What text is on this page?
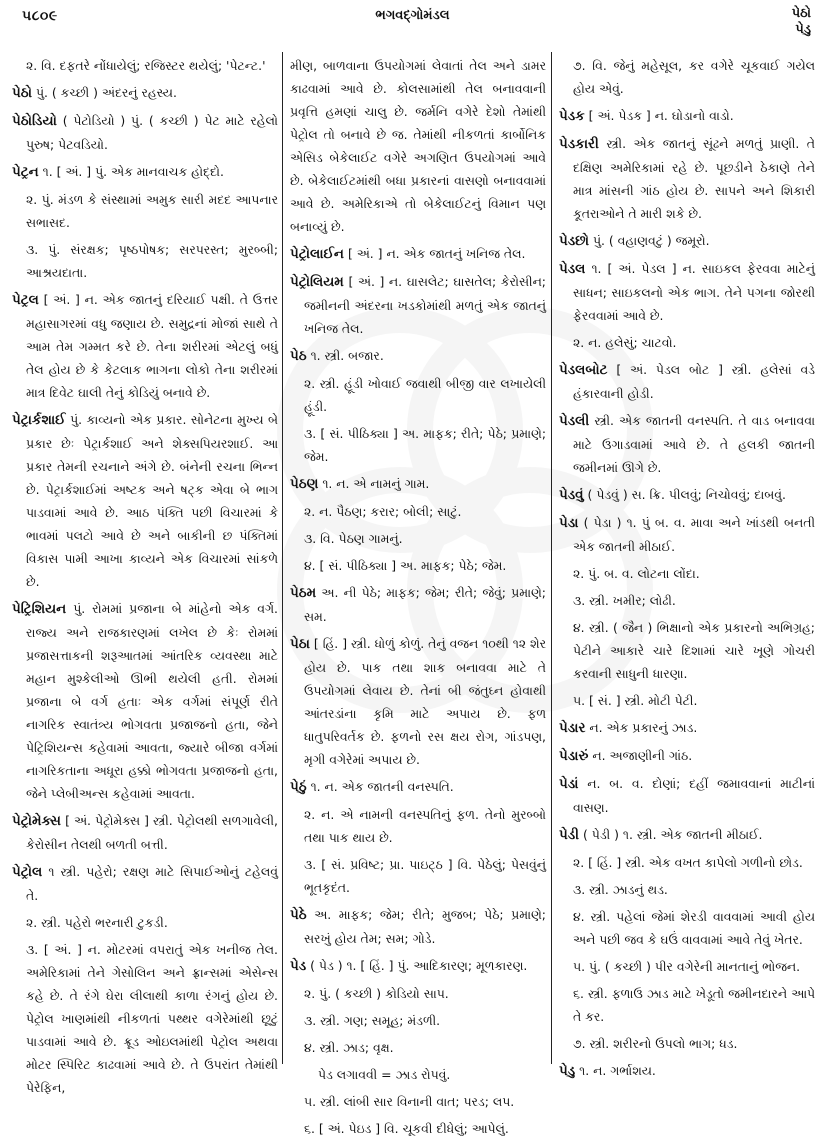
૫૮૦૯	ભગવદ્ગોમંડલ	પેઠો
પેડુ

૨. વિ. દફતરે નોંધાયેલું; રજિસ્ટર થયેલું; 'પેટન્ટ.'

પેઠો પું. ( કચ્છી ) અંદરનું રહસ્ય.

પેઠોડિયો ( પેટોડિયો ) પું. ( કચ્છી ) પેટ માટે રહેલો પુરુષ; પેટવડિયો.

પેટ્રન ૧. [ અં. ] પું. એક માનવાચક હોદ્દો.

૨. પું. મંડળ કે સંસ્થામાં અમુક સારી મદદ આપનાર સભાસદ.

૩. પું. સંરક્ષક; પૃષ્ઠપોષક; સરપરસ્ત; મુરબ્બી; આશ્રયદાતા.

પેટ્રલ [ અં. ] ન. એક જાતનું દરિયાઈ પક્ષી. તે ઉત્તર મહાસાગરમાં વધુ જણાય છે. સમુદ્રનાં મોજાં સાથે તે આમ તેમ ગમ્મત કરે છે. તેના શરીરમાં એટલું બધું તેલ હોય છે કે કેટલાક ભાગના લોકો તેના શરીરમાં માત્ર દિવેટ ઘાલી તેનું કોડિયું બનાવે છે.

પેટ્રાર્કશાઈ પું. કાવ્યનો એક પ્રકાર. સોનેટના મુખ્ય બે પ્રકાર છેઃ પેટ્રાર્કશાઈ અને શેક્સપિયરશાઈ. આ પ્રકાર તેમની રચનાને અંગે છે. બંનેની રચના ભિન્ન છે. પેટ્રાર્કશાઈમાં અષ્ટક અને ષટ્ક એવા બે ભાગ પાડવામાં આવે છે. આઠ પંક્તિ પછી વિચારમાં કે ભાવમાં પલટો આવે છે અને બાકીની છ પંક્તિમાં વિકાસ પામી આખા કાવ્યને એક વિચારમાં સાંકળે છે.

પેટ્રિશિયન પું. રોમમાં પ્રજાના બે માંહેનો એક વર્ગ. રાજ્ય અને રાજકારણમાં લખેલ છે કેઃ રોમમાં પ્રજાસત્તાકની શરૂઆતમાં આંતરિક વ્યવસ્થા માટે મહાન મુશ્કેલીઓ ઊભી થયેલી હતી. રોમમાં પ્રજાના બે વર્ગ હતાઃ એક વર્ગમાં સંપૂર્ણ રીતે નાગરિક સ્વાતંત્ર્ય ભોગવતા પ્રજાજનો હતા, જેને પેટ્રિશિયન્સ કહેવામાં આવતા, જ્યારે બીજા વર્ગમાં નાગરિકતાના અધૂરા હક્કો ભોગવતા પ્રજાજનો હતા, જેને પ્લેબીઅન્સ કહેવામાં આવતા.

પેટ્રોમેક્સ [ અં. પેટ્રોમેક્સ ] સ્ત્રી. પેટ્રોલથી સળગાવેલી, કેરોસીન તેલથી બળતી બત્તી.

પેટ્રોલ ૧ સ્ત્રી. પહેરો; રક્ષણ માટે સિપાઈઓનું ટહેલવું તે.

૨. સ્ત્રી. પહેરો ભરનારી ટુકડી.

૩. [ અં. ] ન. મોટરમાં વપરાતું એક ખનીજ તેલ. અમેરિકામાં તેને ગેસોલિન અને ફ્રાન્સમાં એસેન્સ કહે છે. તે રંગે ઘેરા લીલાથી કાળા રંગનું હોય છે. પેટ્રોલ ખાણમાંથી નીકળતાં પથ્થર વગેરેમાંથી છૂટું પાડવામાં આવે છે. ક્રૂડ ઓઇલમાંથી પેટ્રોલ અથવા મોટર સ્પિરિટ કાઢવામાં આવે છે. તે ઉપરાંત તેમાંથી પેરેફિન,

મીણ, બાળવાના ઉપયોગમાં લેવાતાં તેલ અને ડામર કાઢવામાં આવે છે. કોલસામાંથી તેલ બનાવવાની પ્રવૃત્તિ હમણાં ચાલુ છે. જર્મનિ વગેરે દેશો તેમાંથી પેટ્રોલ તો બનાવે છે જ. તેમાંથી નીકળતાં કાર્બોનિક એસિડ બેકેલાઈટ વગેરે અગણિત ઉપયોગમાં આવે છે. બેકેલાઈટમાંથી બધા પ્રકારનાં વાસણો બનાવવામાં આવે છે. અમેરિકાએ તો બેકેલાઈટનું વિમાન પણ બનાવ્યું છે.

પેટ્રોલાઈન [ અં. ] ન. એક જાતનું ખનિજ તેલ.

પેટ્રોલિયમ [ અં. ] ન. ઘાસલેટ; ઘાસતેલ; કેરોસીન; જમીનની અંદરના ખડકોમાંથી મળતું એક જાતનું ખનિજ તેલ.

પેઠ ૧. સ્ત્રી. બજાર.

૨. સ્ત્રી. હૂંડી ખોવાઈ જવાથી બીજી વાર લખાયેલી હૂંડી.

૩. [ સં. પીઠિક્યા ] અ. માફક; રીતે; પેઠે; પ્રમાણે; જેમ.

પેઠણ ૧. ન. એ નામનું ગામ.

૨. ન. પૈઠણ; કરાર; બોલી; સાટું.

૩. વિ. પેઠણ ગામનું.

૪. [ સં. પીઠિક્યા ] અ. માફક; પેઠે; જેમ.

પેઠમ અ. ની પેઠે; માફક; જેમ; રીતે; જેવું; પ્રમાણે; સમ.

પેઠા [ હિં. ] સ્ત્રી. ધોળું કોળું. તેનું વજન ૧૦થી ૧૨ શેર હોય છે. પાક તથા શાક બનાવવા માટે તે ઉપયોગમાં લેવાય છે. તેનાં બી જંતુઘ્ન હોવાથી આંતરડાંના કૃમિ માટે અપાય છે. ફળ ધાતુપરિવર્તક છે. ફળનો રસ ક્ષય રોગ, ગાંડપણ, મૃગી વગેરેમાં અપાય છે.

પેઠું ૧. ન. એક જાતની વનસ્પતિ.

૨. ન. એ નામની વનસ્પતિનું ફળ. તેનો મુરબ્બો તથા પાક થાય છે.

૩. [ સં. પ્રવિષ્ટ; પ્રા. પાઇટ્ઠ ] વિ. પેઠેલું; પેસવુંનું ભૂતકૃદંત.

પેઠે અ. માફક; જેમ; રીતે; મુજબ; પેઠે; પ્રમાણે; સરખું હોય તેમ; સમ; ગોડે.

પેડ ( પેડ ) ૧. [ હિં. ] પું. આદિકારણ; મૂળકારણ.

૨. પું. ( કચ્છી ) કોડિયો સાપ.

૩. સ્ત્રી. ગણ; સમૂહ; મંડળી.

૪. સ્ત્રી. ઝાડ; વૃક્ષ.

પેડ લગાવવી = ઝાડ રોપવું.

૫. સ્ત્રી. લાંબી સાર વિનાની વાત; પરડ; લપ.

૬. [ અં. પેઇડ ] વિ. ચૂકવી દીધેલું; આપેલું.

૭. વિ. જેનું મહેસૂલ, કર વગેરે ચૂકવાઈ ગયેલ હોય એવું.

પેડક [ અં. પેડક ] ન. ઘોડાનો વાડો.

પેડકારી સ્ત્રી. એક જાતનું સૂંઢને મળતું પ્રાણી. તે દક્ષિણ અમેરિકામાં રહે છે. પૂછડીને ઠેકાણે તેને માત્ર માંસની ગાંઠ હોય છે. સાપને અને શિકારી કૂતરાઓને તે મારી શકે છે.

પેડછો પું. ( વહાણવટું ) જમૂરો.

પેડલ ૧. [ અં. પેડલ ] ન. સાઇકલ ફેરવવા માટેનું સાધન; સાઇકલનો એક ભાગ. તેને પગના જોરથી ફેરવવામાં આવે છે.

૨. ન. હલેસું; ચાટવો.

પેડલબોટ [ અં. પેડલ બોટ ] સ્ત્રી. હલેસાં વડે હંકારવાની હોડી.

પેડલી સ્ત્રી. એક જાતની વનસ્પતિ. તે વાડ બનાવવા માટે ઉગાડવામાં આવે છે. તે હલકી જાતની જમીનમાં ઊગે છે.

પેડવું ( પેડવું ) સ. ક્રિ. પીલવું; નિચોવવું; દાબવું.

પેડા ( પેડા ) ૧. પું બ. વ. માવા અને ખાંડથી બનતી એક જાતની મીઠાઈ.

૨. પું. બ. વ. લોટના લોંદા.

૩. સ્ત્રી. ખમીર; લોઢી.

૪. સ્ત્રી. ( જૈન ) ભિક્ષાનો એક પ્રકારનો અભિગ્રહ; પેટીને આકારે ચારે દિશામાં ચારે ખૂણે ગોચરી કરવાની સાધુની ધારણા.

૫. [ સં. ] સ્ત્રી. મોટી પેટી.

પેડાર ન. એક પ્રકારનું ઝાડ.

પેડારું ન. અજાણીની ગાંઠ.

પેડાં ન. બ. વ. દોણાં; દહીં જમાવવાનાં માટીનાં વાસણ.

પેડી ( પેડી ) ૧. સ્ત્રી. એક જાતની મીઠાઈ.

૨. [ હિં. ] સ્ત્રી. એક વખત કાપેલો ગળીનો છોડ.

૩. સ્ત્રી. ઝાડનું થડ.

૪. સ્ત્રી. પહેલાં જેમાં શેરડી વાવવામાં આવી હોય અને પછી જવ કે ઘઉં વાવવામાં આવે તેવું ખેતર.

૫. પું. ( કચ્છી ) પીર વગેરેની માનતાનું ભોજન.

૬. સ્ત્રી. ફળાઉ ઝાડ માટે ખેડૂતો જમીનદારને આપે તે કર.

૭. સ્ત્રી. શરીરનો ઉપલો ભાગ; ધડ.

પેડુ ૧. ન. ગર્ભાશય.
